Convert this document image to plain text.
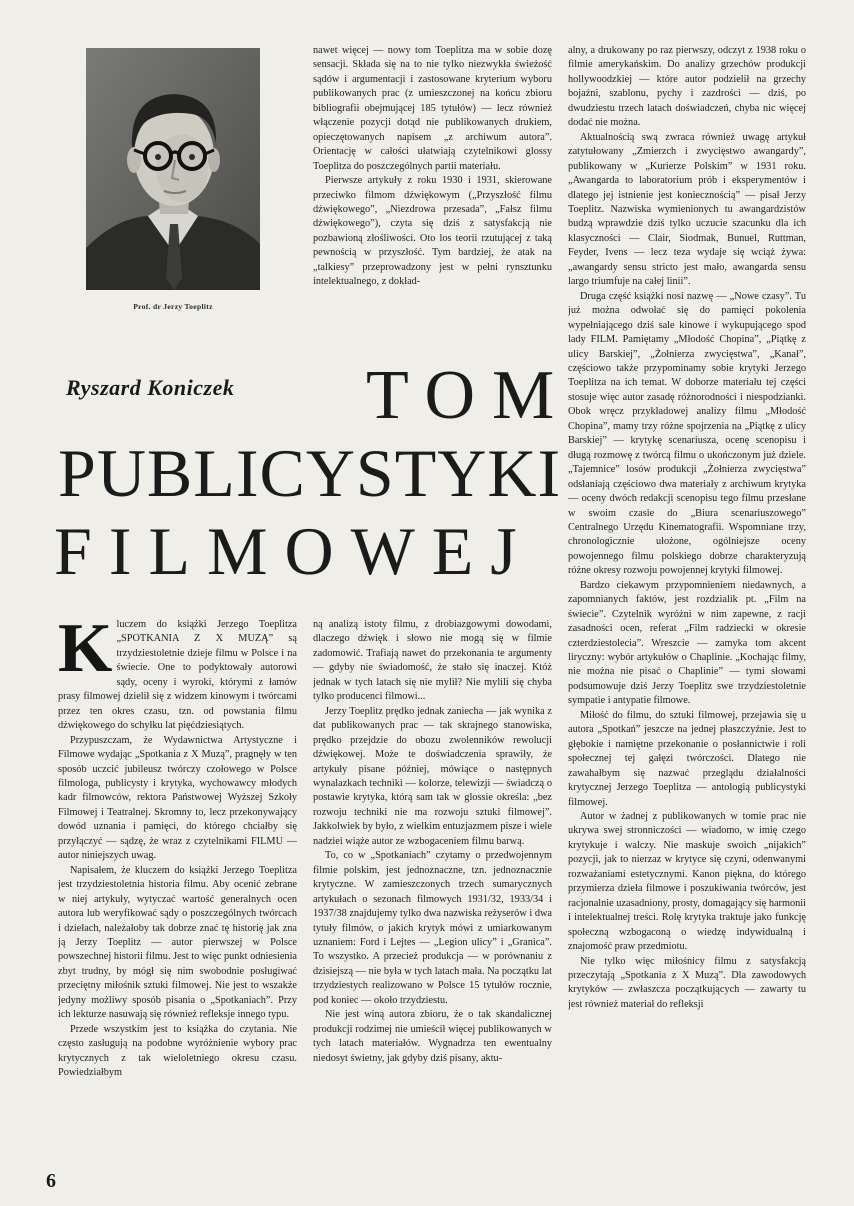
Prof. dr Jerzy Toeplitz
Ryszard Koniczek	TOM
PUBLICYSTYKI
FILMOWEJ

nawet więcej — nowy tom Toeplitza ma w sobie dozę sensacji. Składa się na to nie tylko niezwykła świeżość sądów i argumentacji i zastosowane kryterium wyboru publikowanych prac (z umieszczonej na końcu zbioru bibliografii obejmującej 185 tytułów) — lecz również włączenie pozycji dotąd nie publikowanych drukiem, opieczętowanych napisem „z archiwum autora”. Orientację w całości ułatwiają czytelnikowi glossy Toeplitza do poszczególnych partii materiału.

Pierwsze artykuły z roku 1930 i 1931, skierowane przeciwko filmom dźwiękowym („Przyszłość filmu dźwiękowego”, „Niezdrowa przesada”, „Fałsz filmu dźwiękowego”), czyta się dziś z satysfakcją nie pozbawioną złośliwości. Oto los teorii rzutującej z taką pewnością w przyszłość. Tym bardziej, że atak na „talkiesy” przeprowadzony jest w pełni rynsztunku intelektualnego, z dokład-

alny, a drukowany po raz pierwszy, odczyt z 1938 roku o filmie amerykańskim. Do analizy grzechów produkcji hollywoodzkiej — które autor podzielił na grzechy bojaźni, szablonu, pychy i zazdrości — dziś, po dwudziestu trzech latach doświadczeń, chyba nic więcej dodać nie można.

Aktualnością swą zwraca również uwagę artykuł zatytułowany „Zmierzch i zwycięstwo awangardy”, publikowany w „Kurierze Polskim” w 1931 roku. „Awangarda to laboratorium prób i eksperymentów i dlatego jej istnienie jest koniecznością” — pisał Jerzy Toeplitz. Nazwiska wymienionych tu awangardzistów budzą wprawdzie dziś tylko uczucie szacunku dla ich klasyczności — Clair, Siodmak, Bunuel, Ruttman, Feyder, Ivens — lecz teza wydaje się wciąż żywa: „awangardy sensu stricto jest mało, awangarda sensu largo triumfuje na całej linii”.

Druga część książki nosi nazwę — „Nowe czasy”. Tu już można odwołać się do pamięci pokolenia wypełniającego dziś sale kinowe i wykupującego spod lady FILM. Pamiętamy „Młodość Chopina”, „Piątkę z ulicy Barskiej”, „Żołnierza zwycięstwa”, „Kanał”, częściowo także przypominamy sobie krytyki Jerzego Toeplitza na ich temat. W doborze materiału tej części stosuje więc autor zasadę różnorodności i niespodzianki. Obok wręcz przykładowej analizy filmu „Młodość Chopina”, mamy trzy różne spojrzenia na „Piątkę z ulicy Barskiej” — krytykę scenariusza, ocenę scenopisu i długą rozmowę z twórcą filmu o ukończonym już dziele. „Tajemnice” losów produkcji „Żołnierza zwycięstwa” odsłaniają częściowo dwa materiały z archiwum krytyka — oceny dwóch redakcji scenopisu tego filmu przesłane w swoim czasie do „Biura scenariuszowego” Centralnego Urzędu Kinematografii. Wspomniane trzy, chronologicznie ułożone, ogólniejsze oceny powojennego filmu polskiego dobrze charakteryzują różne okresy rozwoju powojennej krytyki filmowej.

Bardzo ciekawym przypomnieniem niedawnych, a zapomnianych faktów, jest rozdzialik pt. „Film na świecie”. Czytelnik wyróżni w nim zapewne, z racji zasadności ocen, referat „Film radziecki w okresie czterdziestolecia”. Wreszcie — zamyka tom akcent liryczny: wybór artykułów o Chaplinie. „Kochając filmy, nie można nie pisać o Chaplinie” — tymi słowami podsumowuje dziś Jerzy Toeplitz swe trzydziestoletnie sympatie i antypatie filmowe.

Miłość do filmu, do sztuki filmowej, przejawia się u autora „Spotkań” jeszcze na jednej płaszczyźnie. Jest to głębokie i namiętne przekonanie o posłannictwie i roli społecznej tej gałęzi twórczości. Dlatego nie zawahałbym się nazwać przeglądu działalności krytycznej Jerzego Toeplitza — antologią publicystyki filmowej.

Autor w żadnej z publikowanych w tomie prac nie ukrywa swej stronniczości — wiadomo, w imię czego krytykuje i walczy. Nie maskuje swoich „nijakich” pozycji, jak to nierzaz w krytyce się czyni, odenwanymi rozważaniami estetycznymi. Kanon piękna, do którego przymierza dzieła filmowe i poszukiwania twórców, jest racjonalnie uzasadniony, prosty, domagający się harmonii i intelektualnej treści. Rolę krytyka traktuje jako funkcję społeczną wzbogaconą o wiedzę indywidualną i znajomość praw przedmiotu.

Nie tylko więc miłośnicy filmu z satysfakcją przeczytają „Spotkania z X Muzą”. Dla zawodowych krytyków — zwłaszcza początkujących — zawarty tu jest również materiał do refleksji

K luczem do książki Jerzego Toeplitza „SPOTKANIA Z X MUZĄ” są trzydziestoletnie dzieje filmu w Polsce i na świecie. One to podyktowały autorowi sądy, oceny i wyroki, którymi z łamów prasy filmowej dzielił się z widzem kinowym i twórcami przez ten okres czasu, tzn. od powstania filmu dźwiękowego do schyłku lat pięćdziesiątych.

Przypuszczam, że Wydawnictwa Artystyczne i Filmowe wydając „Spotkania z X Muzą”, pragnęły w ten sposób uczcić jubileusz twórczy czołowego w Polsce filmologa, publicysty i krytyka, wychowawcy młodych kadr filmowców, rektora Państwowej Wyższej Szkoły Filmowej i Teatralnej. Skromny to, lecz przekonywający dowód uznania i pamięci, do którego chciałby się przyłączyć — sądzę, że wraz z czytelnikami FILMU — autor niniejszych uwag.

Napisałem, że kluczem do książki Jerzego Toeplitza jest trzydziestoletnia historia filmu. Aby ocenić zebrane w niej artykuły, wytyczać wartość generalnych ocen autora lub weryfikować sądy o poszczególnych twórcach i dziełach, należałoby tak dobrze znać tę historię jak zna ją Jerzy Toeplitz — autor pierwszej w Polsce powszechnej historii filmu. Jest to więc punkt odniesienia zbyt trudny, by mógł się nim swobodnie posługiwać przeciętny miłośnik sztuki filmowej. Nie jest to wszakże jedyny możliwy sposób pisania o „Spotkaniach”. Przy ich lekturze nasuwają się również refleksje innego typu.

Przede wszystkim jest to książka do czytania. Nie często zasługują na podobne wyróżnienie wybory prac krytycznych z tak wieloletniego okresu czasu. Powiedziałbym

ną analizą istoty filmu, z drobiazgowymi dowodami, dlaczego dźwięk i słowo nie mogą się w filmie zadomowić. Trafiają nawet do przekonania te argumenty — gdyby nie świadomość, że stało się inaczej. Któż jednak w tych latach się nie mylił? Nie mylili się chyba tylko producenci filmowi...

Jerzy Toeplitz prędko jednak zaniecha — jak wynika z dat publikowanych prac — tak skrajnego stanowiska, prędko przejdzie do obozu zwolenników rewolucji dźwiękowej. Może te doświadczenia sprawiły, że artykuły pisane później, mówiące o następnych wynalazkach techniki — kolorze, telewizji — świadczą o postawie krytyka, którą sam tak w glossie określa: „bez rozwoju techniki nie ma rozwoju sztuki filmowej”. Jakkolwiek by było, z wielkim entuzjazmem pisze i wiele nadziei wiąże autor ze wzbogaceniem filmu barwą.

To, co w „Spotkaniach” czytamy o przedwojennym filmie polskim, jest jednoznaczne, tzn. jednoznacznie krytyczne. W zamieszczonych trzech sumarycznych artykułach o sezonach filmowych 1931/32, 1933/34 i 1937/38 znajdujemy tylko dwa nazwiska reżyserów i dwa tytuły filmów, o jakich krytyk mówi z umiarkowanym uznaniem: Ford i Lejtes — „Legion ulicy” i „Granica”. To wszystko. A przecież produkcja — w porównaniu z dzisiejszą — nie była w tych latach mała. Na początku lat trzydziestych realizowano w Polsce 15 tytułów rocznie, pod koniec — około trzydziestu.

Nie jest winą autora zbioru, że o tak skandalicznej produkcji rodzimej nie umieścił więcej publikowanych w tych latach materiałów. Wygnadrza ten ewentualny niedosyt świetny, jak gdyby dziś pisany, aktu-

6
